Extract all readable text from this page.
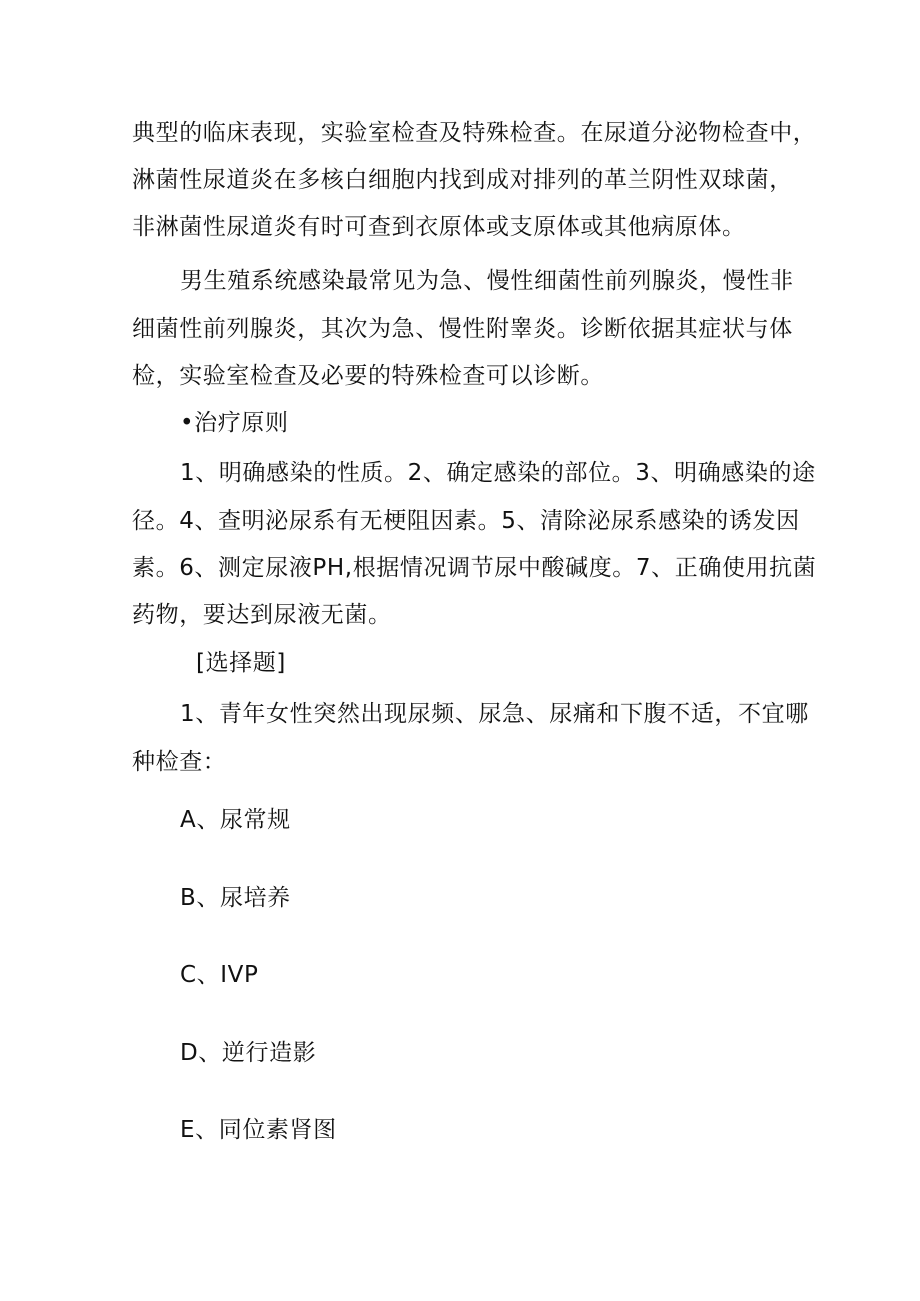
典型的临床表现，实验室检查及特殊检查。在尿道分泌物检查中，
淋菌性尿道炎在多核白细胞内找到成对排列的革兰阴性双球菌，
非淋菌性尿道炎有时可查到衣原体或支原体或其他病原体。
男生殖系统感染最常见为急、慢性细菌性前列腺炎，慢性非
细菌性前列腺炎，其次为急、慢性附睾炎。诊断依据其症状与体
检，实验室检查及必要的特殊检查可以诊断。
•治疗原则
1、明确感染的性质。2、确定感染的部位。3、明确感染的途
径。4、查明泌尿系有无梗阻因素。5、清除泌尿系感染的诱发因
素。6、测定尿液PH,根据情况调节尿中酸碱度。7、正确使用抗菌
药物，要达到尿液无菌。
[选择题]
1、青年女性突然出现尿频、尿急、尿痛和下腹不适，不宜哪
种检查：
A、尿常规
B、尿培养
C、IVP
D、逆行造影
E、同位素肾图
